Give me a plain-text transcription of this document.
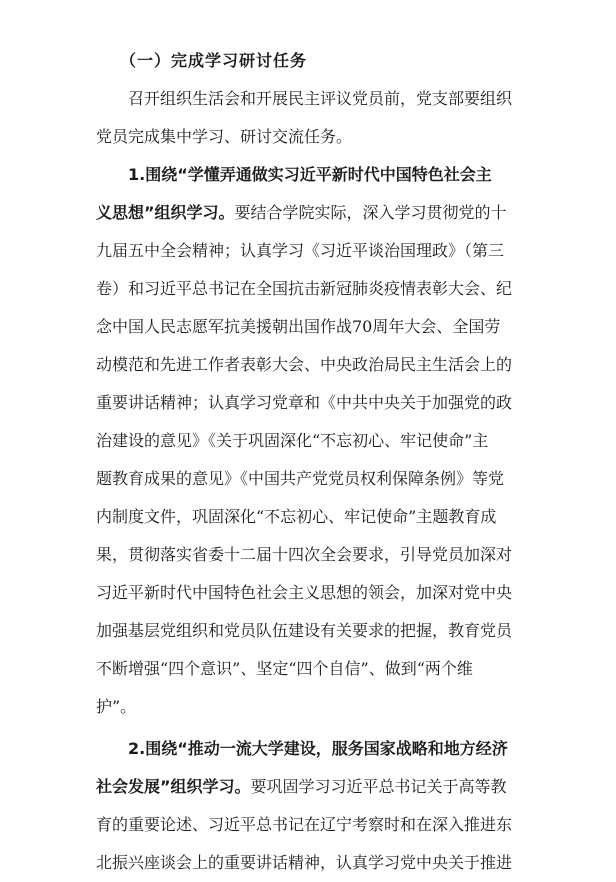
（一）完成学习研讨任务
　　召开组织生活会和开展民主评议党员前，党支部要组织
党员完成集中学习、研讨交流任务。
　　1.围绕“学懂弄通做实习近平新时代中国特色社会主
义思想”组织学习。要结合学院实际，深入学习贯彻党的十
九届五中全会精神；认真学习《习近平谈治国理政》（第三
卷）和习近平总书记在全国抗击新冠肺炎疫情表彰大会、纪
念中国人民志愿军抗美援朝出国作战70周年大会、全国劳
动模范和先进工作者表彰大会、中央政治局民主生活会上的
重要讲话精神；认真学习党章和《中共中央关于加强党的政
治建设的意见》《关于巩固深化“不忘初心、牢记使命”主
题教育成果的意见》《中国共产党党员权利保障条例》等党
内制度文件，巩固深化“不忘初心、牢记使命”主题教育成
果，贯彻落实省委十二届十四次全会要求，引导党员加深对
习近平新时代中国特色社会主义思想的领会，加深对党中央
加强基层党组织和党员队伍建设有关要求的把握，教育党员
不断增强“四个意识”、坚定“四个自信”、做到“两个维
护”。
　　2.围绕“推动一流大学建设，服务国家战略和地方经济
社会发展”组织学习。要巩固学习习近平总书记关于高等教
育的重要论述、习近平总书记在辽宁考察时和在深入推进东
北振兴座谈会上的重要讲话精神，认真学习党中央关于推进
